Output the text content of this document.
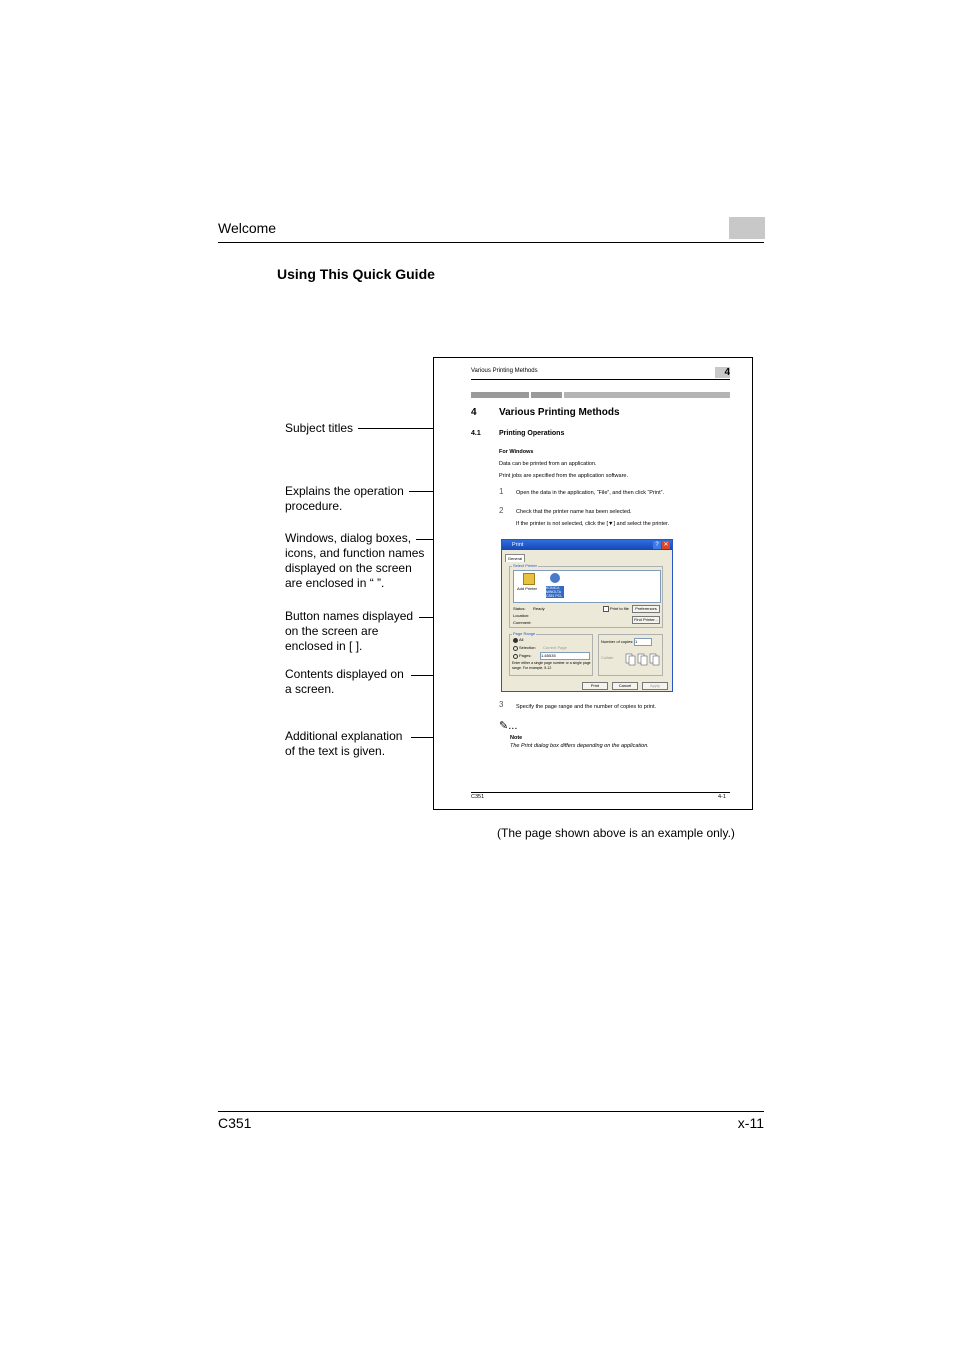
Welcome
Using This Quick Guide
Subject titles
Explains the operation procedure.
Windows, dialog boxes, icons, and function names displayed on the screen are enclosed in “ ”.
Button names displayed on the screen are enclosed in [ ].
Contents displayed on a screen.
Additional explanation of the text is given.
Various Printing Methods	4
4 Various Printing Methods
4.1	Printing Operations
For Windows
Data can be printed from an application.
Print jobs are specified from the application software.
1 Open the data in the application, “File”, and then click “Print”.
2 Check that the printer name has been selected.
If the printer is not selected, click the [▼] and select the printer.
Print	? ✕
General
Select Printer
Add Printer	KONICA MINOLTA C351 PCL
Status: Ready
Location:
Comment:
Print to file	Preferences
Find Printer...
Page Range
All
Selection Current Page
Pages: 1-65535
Enter either a single page number or a single page range. For example, 5-12
Number of copies: 1
Collate
Print	Cancel	Apply
3 Specify the page range and the number of copies to print.
✎...
Note
The Print dialog box differs depending on the application.
C351	4-1
(The page shown above is an example only.)
C351	x-11
